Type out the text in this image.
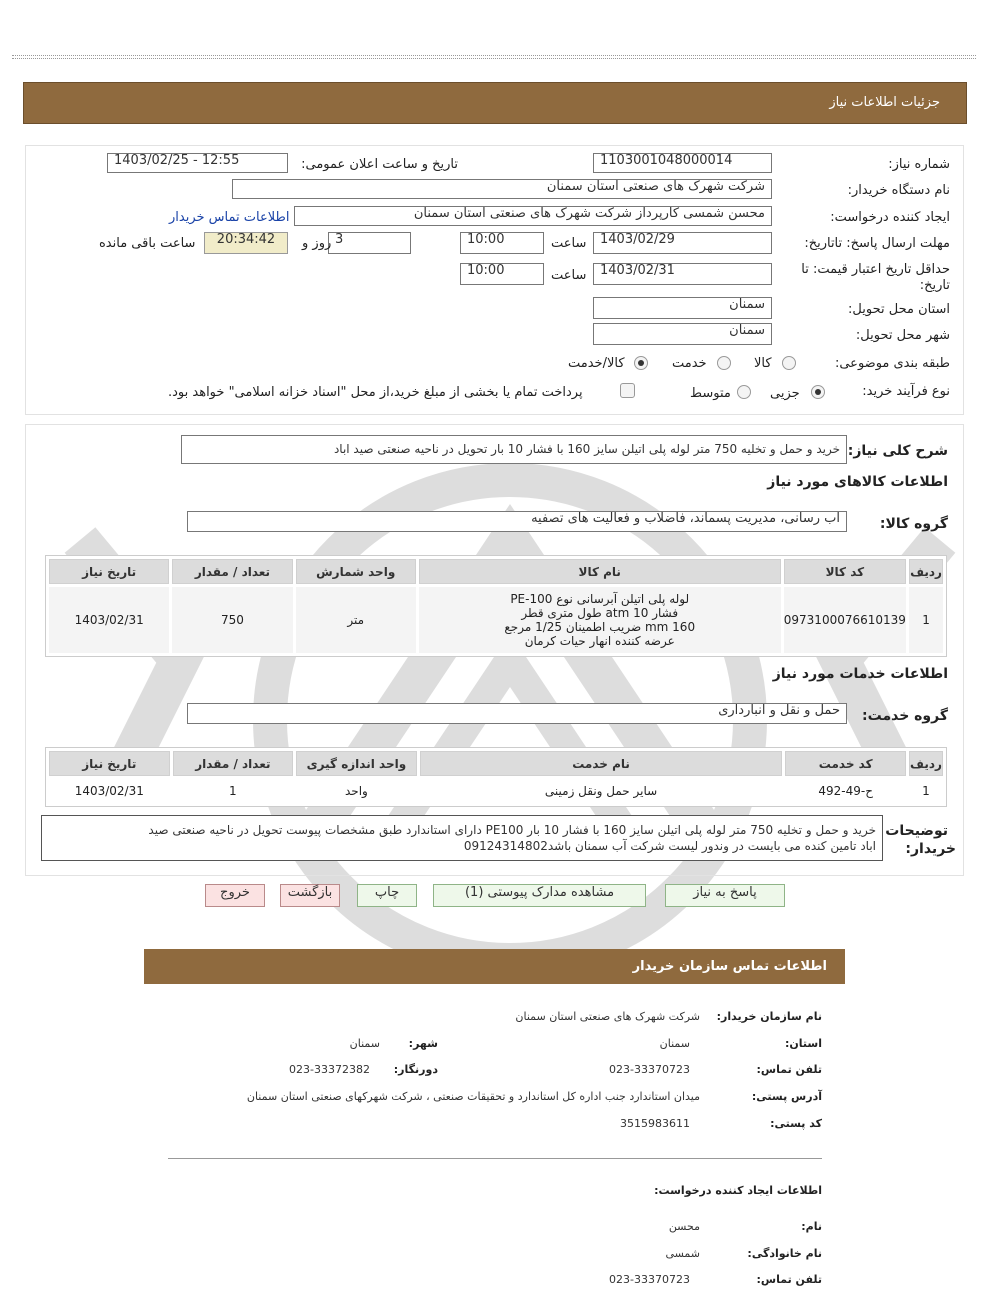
جزئیات اطلاعات نیاز
شماره نیاز:
1103001048000014
تاریخ و ساعت اعلان عمومی:
1403/02/25 - 12:55
نام دستگاه خریدار:
شرکت شهرک های صنعتی استان سمنان
ایجاد کننده درخواست:
محسن شمسی کارپرداز شرکت شهرک های صنعتی استان سمنان
اطلاعات تماس خریدار
مهلت ارسال پاسخ: تاتاریخ:
1403/02/29
ساعت
10:00
3
روز و
20:34:42
ساعت باقی مانده
حداقل تاریخ اعتبار قیمت: تا
تاریخ:
1403/02/31
ساعت
10:00
استان محل تحویل:
سمنان
شهر محل تحویل:
سمنان
طبقه بندی موضوعی:
کالا
خدمت
کالا/خدمت
نوع فرآیند خرید:
جزیی
متوسط
پرداخت تمام یا بخشی از مبلغ خرید،از محل "اسناد خزانه اسلامی" خواهد بود.
شرح کلی نیاز:
خرید و حمل و تخلیه 750 متر لوله پلی اتیلن سایز 160 با فشار 10 بار تحویل در ناحیه صنعتی صید اباد
اطلاعات کالاهای مورد نیاز
گروه کالا:
آب رسانی، مدیریت پسماند، فاضلاب و فعالیت های تصفیه
ردیف	کد کالا	نام کالا	واحد شمارش	تعداد / مقدار	تاریخ نیاز
1	0973100076610139	لوله پلی اتیلن آبرسانی نوع PE-100
فشار 10 atm طول متری قطر
160 mm ضریب اطمینان 1/25 مرجع
عرضه کننده انهار حیات کرمان	متر	750	1403/02/31
اطلاعات خدمات مورد نیاز
گروه خدمت:
حمل و نقل و انبارداری
ردیف	کد خدمت	نام خدمت	واحد اندازه گیری	تعداد / مقدار	تاریخ نیاز
1	ح-49-492	سایر حمل ونقل زمینی	واحد	1	1403/02/31
توضیحات
خریدار:
خرید و حمل و تخلیه 750 متر لوله پلی اتیلن سایز 160 با فشار 10 بار PE100 دارای استاندارد طبق مشخصات پیوست تحویل در ناحیه صنعتی صید
اباد تامین کنده می بایست در وندور لیست شرکت آب سمنان باشد09124314802
پاسخ به نیاز
مشاهده مدارک پیوستی (1)
چاپ
بازگشت
خروج
اطلاعات تماس سازمان خریدار
نام سازمان خریدار:
شرکت شهرک های صنعتی استان سمنان
استان:
سمنان
شهر:
سمنان
تلفن تماس:
023-33370723
دورنگار:
023-33372382
آدرس پستی:
میدان استاندارد جنب اداره کل استاندارد و تحقیقات صنعتی ، شرکت شهرکهای صنعتی استان سمنان
کد پستی:
3515983611
اطلاعات ایجاد کننده درخواست:
نام:
محسن
نام خانوادگی:
شمسی
تلفن تماس:
023-33370723
